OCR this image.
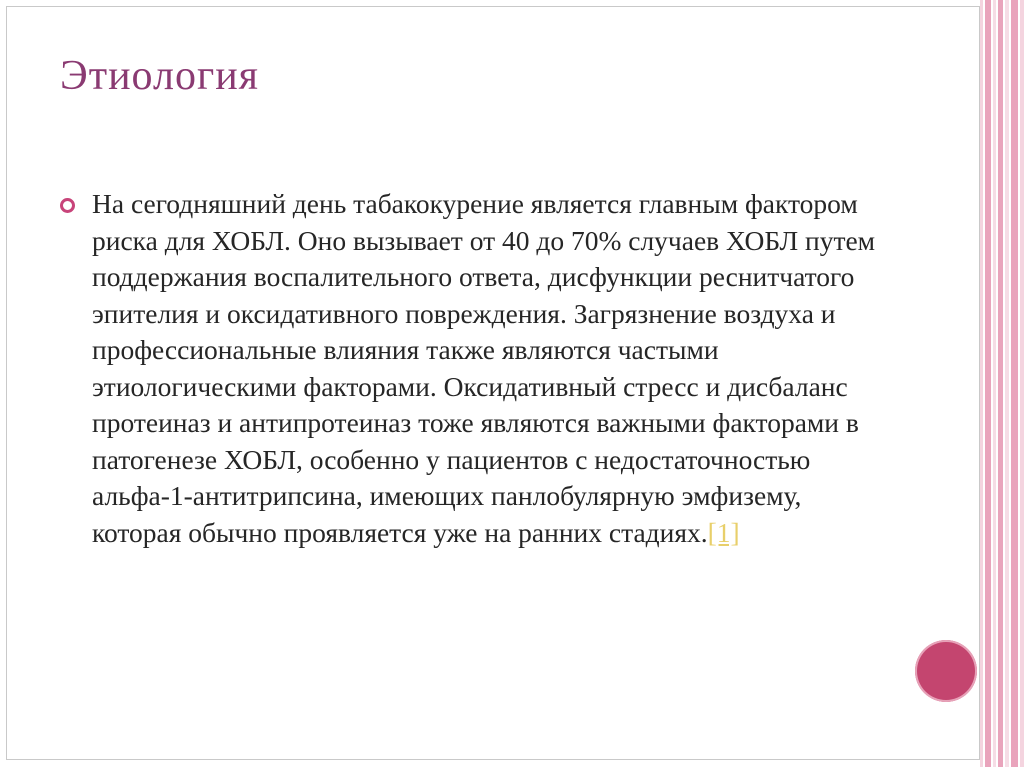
Этиология

На сегодняшний день табакокурение является главным фактором риска для ХОБЛ. Оно вызывает от 40 до 70% случаев ХОБЛ путем поддержания воспалительного ответа, дисфункции реснитчатого эпителия и оксидативного повреждения. Загрязнение воздуха и профессиональные влияния также являются частыми этиологическими факторами. Оксидативный стресс и дисбаланс протеиназ и антипротеиназ тоже являются важными факторами в патогенезе ХОБЛ, особенно у пациентов с недостаточностью альфа-1-антитрипсина, имеющих панлобулярную эмфизему, которая обычно проявляется уже на ранних стадиях.[1]
